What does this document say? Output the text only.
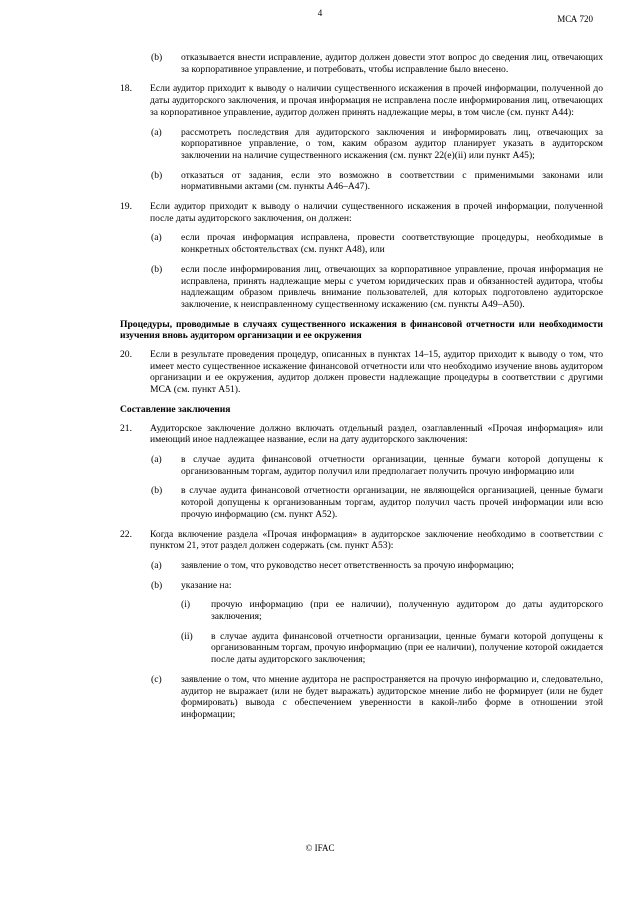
4
МСА 720
(b) отказывается внести исправление, аудитор должен довести этот вопрос до сведения лиц, отвечающих за корпоративное управление, и потребовать, чтобы исправление было внесено.
18. Если аудитор приходит к выводу о наличии существенного искажения в прочей информации, полученной до даты аудиторского заключения, и прочая информация не исправлена после информирования лиц, отвечающих за корпоративное управление, аудитор должен принять надлежащие меры, в том числе (см. пункт A44):
(a) рассмотреть последствия для аудиторского заключения и информировать лиц, отвечающих за корпоративное управление, о том, каким образом аудитор планирует указать в аудиторском заключении на наличие существенного искажения (см. пункт 22(e)(ii) или пункт A45);
(b) отказаться от задания, если это возможно в соответствии с применимыми законами или нормативными актами (см. пункты A46–A47).
19. Если аудитор приходит к выводу о наличии существенного искажения в прочей информации, полученной после даты аудиторского заключения, он должен:
(a) если прочая информация исправлена, провести соответствующие процедуры, необходимые в конкретных обстоятельствах (см. пункт A48), или
(b) если после информирования лиц, отвечающих за корпоративное управление, прочая информация не исправлена, принять надлежащие меры с учетом юридических прав и обязанностей аудитора, чтобы надлежащим образом привлечь внимание пользователей, для которых подготовлено аудиторское заключение, к неисправленному существенному искажению (см. пункты A49–A50).
Процедуры, проводимые в случаях существенного искажения в финансовой отчетности или необходимости изучения вновь аудитором организации и ее окружения
20. Если в результате проведения процедур, описанных в пунктах 14–15, аудитор приходит к выводу о том, что имеет место существенное искажение финансовой отчетности или что необходимо изучение вновь аудитором организации и ее окружения, аудитор должен провести надлежащие процедуры в соответствии с другими МСА (см. пункт A51).
Составление заключения
21. Аудиторское заключение должно включать отдельный раздел, озаглавленный «Прочая информация» или имеющий иное надлежащее название, если на дату аудиторского заключения:
(a) в случае аудита финансовой отчетности организации, ценные бумаги которой допущены к организованным торгам, аудитор получил или предполагает получить прочую информацию или
(b) в случае аудита финансовой отчетности организации, не являющейся организацией, ценные бумаги которой допущены к организованным торгам, аудитор получил часть прочей информации или всю прочую информацию (см. пункт A52).
22. Когда включение раздела «Прочая информация» в аудиторское заключение необходимо в соответствии с пунктом 21, этот раздел должен содержать (см. пункт A53):
(a) заявление о том, что руководство несет ответственность за прочую информацию;
(b) указание на:
(i) прочую информацию (при ее наличии), полученную аудитором до даты аудиторского заключения;
(ii) в случае аудита финансовой отчетности организации, ценные бумаги которой допущены к организованным торгам, прочую информацию (при ее наличии), получение которой ожидается после даты аудиторского заключения;
(c) заявление о том, что мнение аудитора не распространяется на прочую информацию и, следовательно, аудитор не выражает (или не будет выражать) аудиторское мнение либо не формирует (или не будет формировать) вывода с обеспечением уверенности в какой-либо форме в отношении этой информации;
© IFAC
